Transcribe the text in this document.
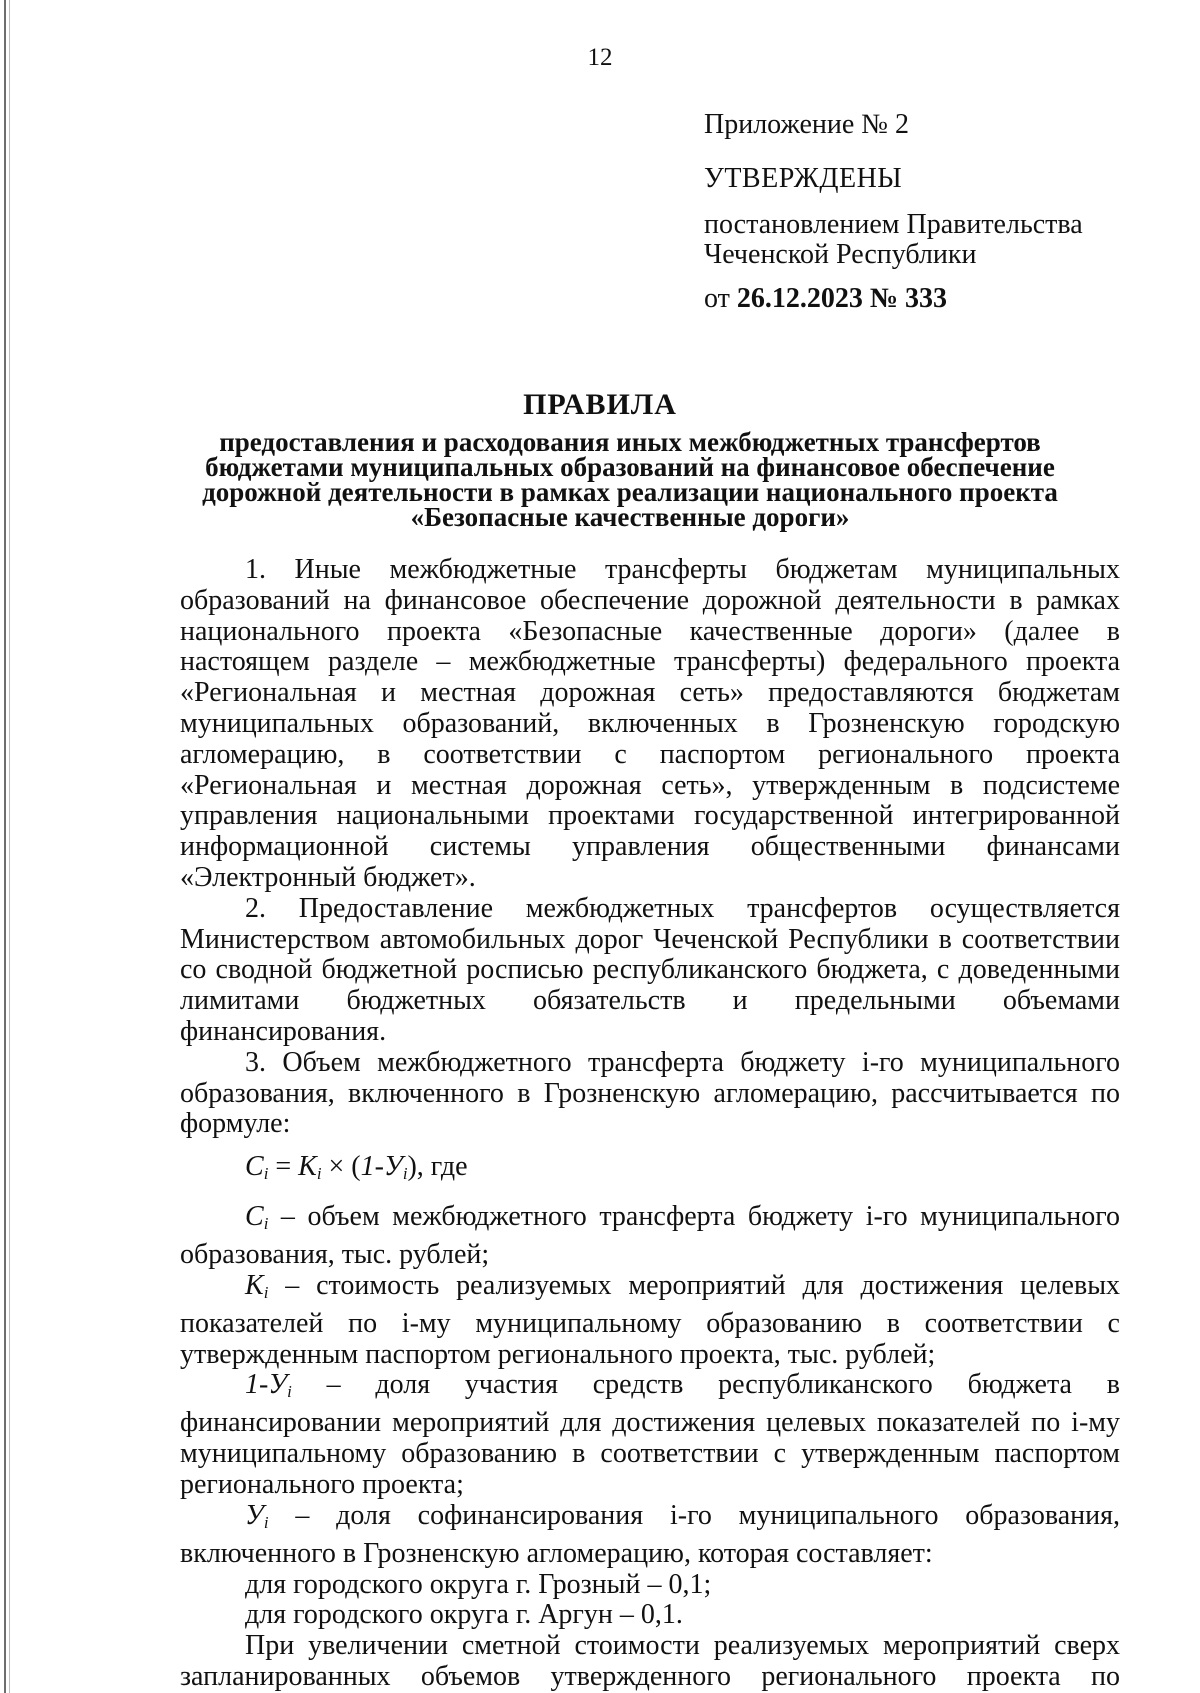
12
Приложение № 2
УТВЕРЖДЕНЫ
постановлением Правительства
Чеченской Республики
от 26.12.2023 № 333
ПРАВИЛА
предоставления и расходования иных межбюджетных трансфертов бюджетами муниципальных образований на финансовое обеспечение дорожной деятельности в рамках реализации национального проекта «Безопасные качественные дороги»

1. Иные межбюджетные трансферты бюджетам муниципальных образований на финансовое обеспечение дорожной деятельности в рамках национального проекта «Безопасные качественные дороги» (далее в настоящем разделе – межбюджетные трансферты) федерального проекта «Региональная и местная дорожная сеть» предоставляются бюджетам муниципальных образований, включенных в Грозненскую городскую агломерацию, в соответствии с паспортом регионального проекта «Региональная и местная дорожная сеть», утвержденным в подсистеме управления национальными проектами государственной интегрированной информационной системы управления общественными финансами «Электронный бюджет».

2. Предоставление межбюджетных трансфертов осуществляется Министерством автомобильных дорог Чеченской Республики в соответствии со сводной бюджетной росписью республиканского бюджета, с доведенными лимитами бюджетных обязательств и предельными объемами финансирования.

3. Объем межбюджетного трансферта бюджету i-го муниципального образования, включенного в Грозненскую агломерацию, рассчитывается по формуле:

$C_i = K_i \times (1-У_i)$, где

$C_i$ – объем межбюджетного трансферта бюджету i-го муниципального образования, тыс. рублей;

$K_i$ – стоимость реализуемых мероприятий для достижения целевых показателей по i-му муниципальному образованию в соответствии с утвержденным паспортом регионального проекта, тыс. рублей;

$1-У_i$ – доля участия средств республиканского бюджета в финансировании мероприятий для достижения целевых показателей по i-му муниципальному образованию в соответствии с утвержденным паспортом регионального проекта;

$У_i$ – доля софинансирования i-го муниципального образования, включенного в Грозненскую агломерацию, которая составляет:

для городского округа г. Грозный – 0,1;

для городского округа г. Аргун – 0,1.

При увеличении сметной стоимости реализуемых мероприятий сверх запланированных объемов утвержденного регионального проекта по
